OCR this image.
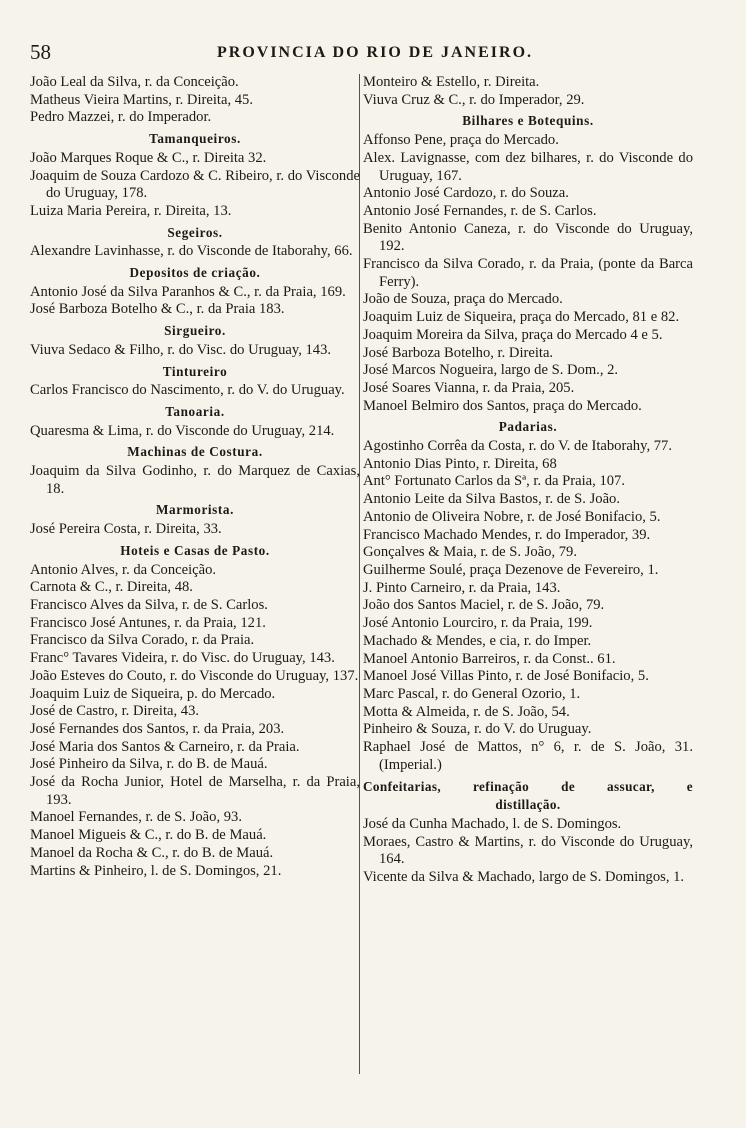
58	PROVINCIA DO RIO DE JANEIRO.
João Leal da Silva, r. da Conceição.
Matheus Vieira Martins, r. Direita, 45.
Pedro Mazzei, r. do Imperador.
Tamanqueiros.
João Marques Roque & C., r. Direita 32.
Joaquim de Souza Cardozo & C. Ribeiro, r. do Visconde do Uruguay, 178.
Luiza Maria Pereira, r. Direita, 13.
Segeiros.
Alexandre Lavinhasse, r. do Visconde de Itaborahy, 66.
Depositos de criação.
Antonio José da Silva Paranhos & C., r. da Praia, 169.
José Barboza Botelho & C., r. da Praia 183.
Sirgueiro.
Viuva Sedaco & Filho, r. do Visc. do Uruguay, 143.
Tintureiro
Carlos Francisco do Nascimento, r. do V. do Uruguay.
Tanoaria.
Quaresma & Lima, r. do Visconde do Uruguay, 214.
Machinas de Costura.
Joaquim da Silva Godinho, r. do Marquez de Caxias, 18.
Marmorista.
José Pereira Costa, r. Direita, 33.
Hoteis e Casas de Pasto.
Antonio Alves, r. da Conceição.
Carnota & C., r. Direita, 48.
Francisco Alves da Silva, r. de S. Carlos.
Francisco José Antunes, r. da Praia, 121.
Francisco da Silva Corado, r. da Praia.
Franc° Tavares Videira, r. do Visc. do Uruguay, 143.
João Esteves do Couto, r. do Visconde do Uruguay, 137.
Joaquim Luiz de Siqueira, p. do Mercado.
José de Castro, r. Direita, 43.
José Fernandes dos Santos, r. da Praia, 203.
José Maria dos Santos & Carneiro, r. da Praia.
José Pinheiro da Silva, r. do B. de Mauá.
José da Rocha Junior, Hotel de Marselha, r. da Praia, 193.
Manoel Fernandes, r. de S. João, 93.
Manoel Migueis & C., r. do B. de Mauá.
Manoel da Rocha & C., r. do B. de Mauá.
Martins & Pinheiro, l. de S. Domingos, 21.
Monteiro & Estello, r. Direita.
Viuva Cruz & C., r. do Imperador, 29.
Bilhares e Botequins.
Affonso Pene, praça do Mercado.
Alex. Lavignasse, com dez bilhares, r. do Visconde do Uruguay, 167.
Antonio José Cardozo, r. do Souza.
Antonio José Fernandes, r. de S. Carlos.
Benito Antonio Caneza, r. do Visconde do Uruguay, 192.
Francisco da Silva Corado, r. da Praia, (ponte da Barca Ferry).
João de Souza, praça do Mercado.
Joaquim Luiz de Siqueira, praça do Mercado, 81 e 82.
Joaquim Moreira da Silva, praça do Mercado 4 e 5.
José Barboza Botelho, r. Direita.
José Marcos Nogueira, largo de S. Dom., 2.
José Soares Vianna, r. da Praia, 205.
Manoel Belmiro dos Santos, praça do Mercado.
Padarias.
Agostinho Corrêa da Costa, r. do V. de Itaborahy, 77.
Antonio Dias Pinto, r. Direita, 68
Ant° Fortunato Carlos da Sª, r. da Praia, 107.
Antonio Leite da Silva Bastos, r. de S. João.
Antonio de Oliveira Nobre, r. de José Bonifacio, 5.
Francisco Machado Mendes, r. do Imperador, 39.
Gonçalves & Maia, r. de S. João, 79.
Guilherme Soulé, praça Dezenove de Fevereiro, 1.
J. Pinto Carneiro, r. da Praia, 143.
João dos Santos Maciel, r. de S. João, 79.
José Antonio Lourciro, r. da Praia, 199.
Machado & Mendes, e cia, r. do Imper.
Manoel Antonio Barreiros, r. da Const.. 61.
Manoel José Villas Pinto, r. de José Bonifacio, 5.
Marc Pascal, r. do General Ozorio, 1.
Motta & Almeida, r. de S. João, 54.
Pinheiro & Souza, r. do V. do Uruguay.
Raphael José de Mattos, n° 6, r. de S. João, 31. (Imperial.)
Confeitarias, refinação de assucar, e
distillação.
José da Cunha Machado, l. de S. Domingos.
Moraes, Castro & Martins, r. do Visconde do Uruguay, 164.
Vicente da Silva & Machado, largo de S. Domingos, 1.
